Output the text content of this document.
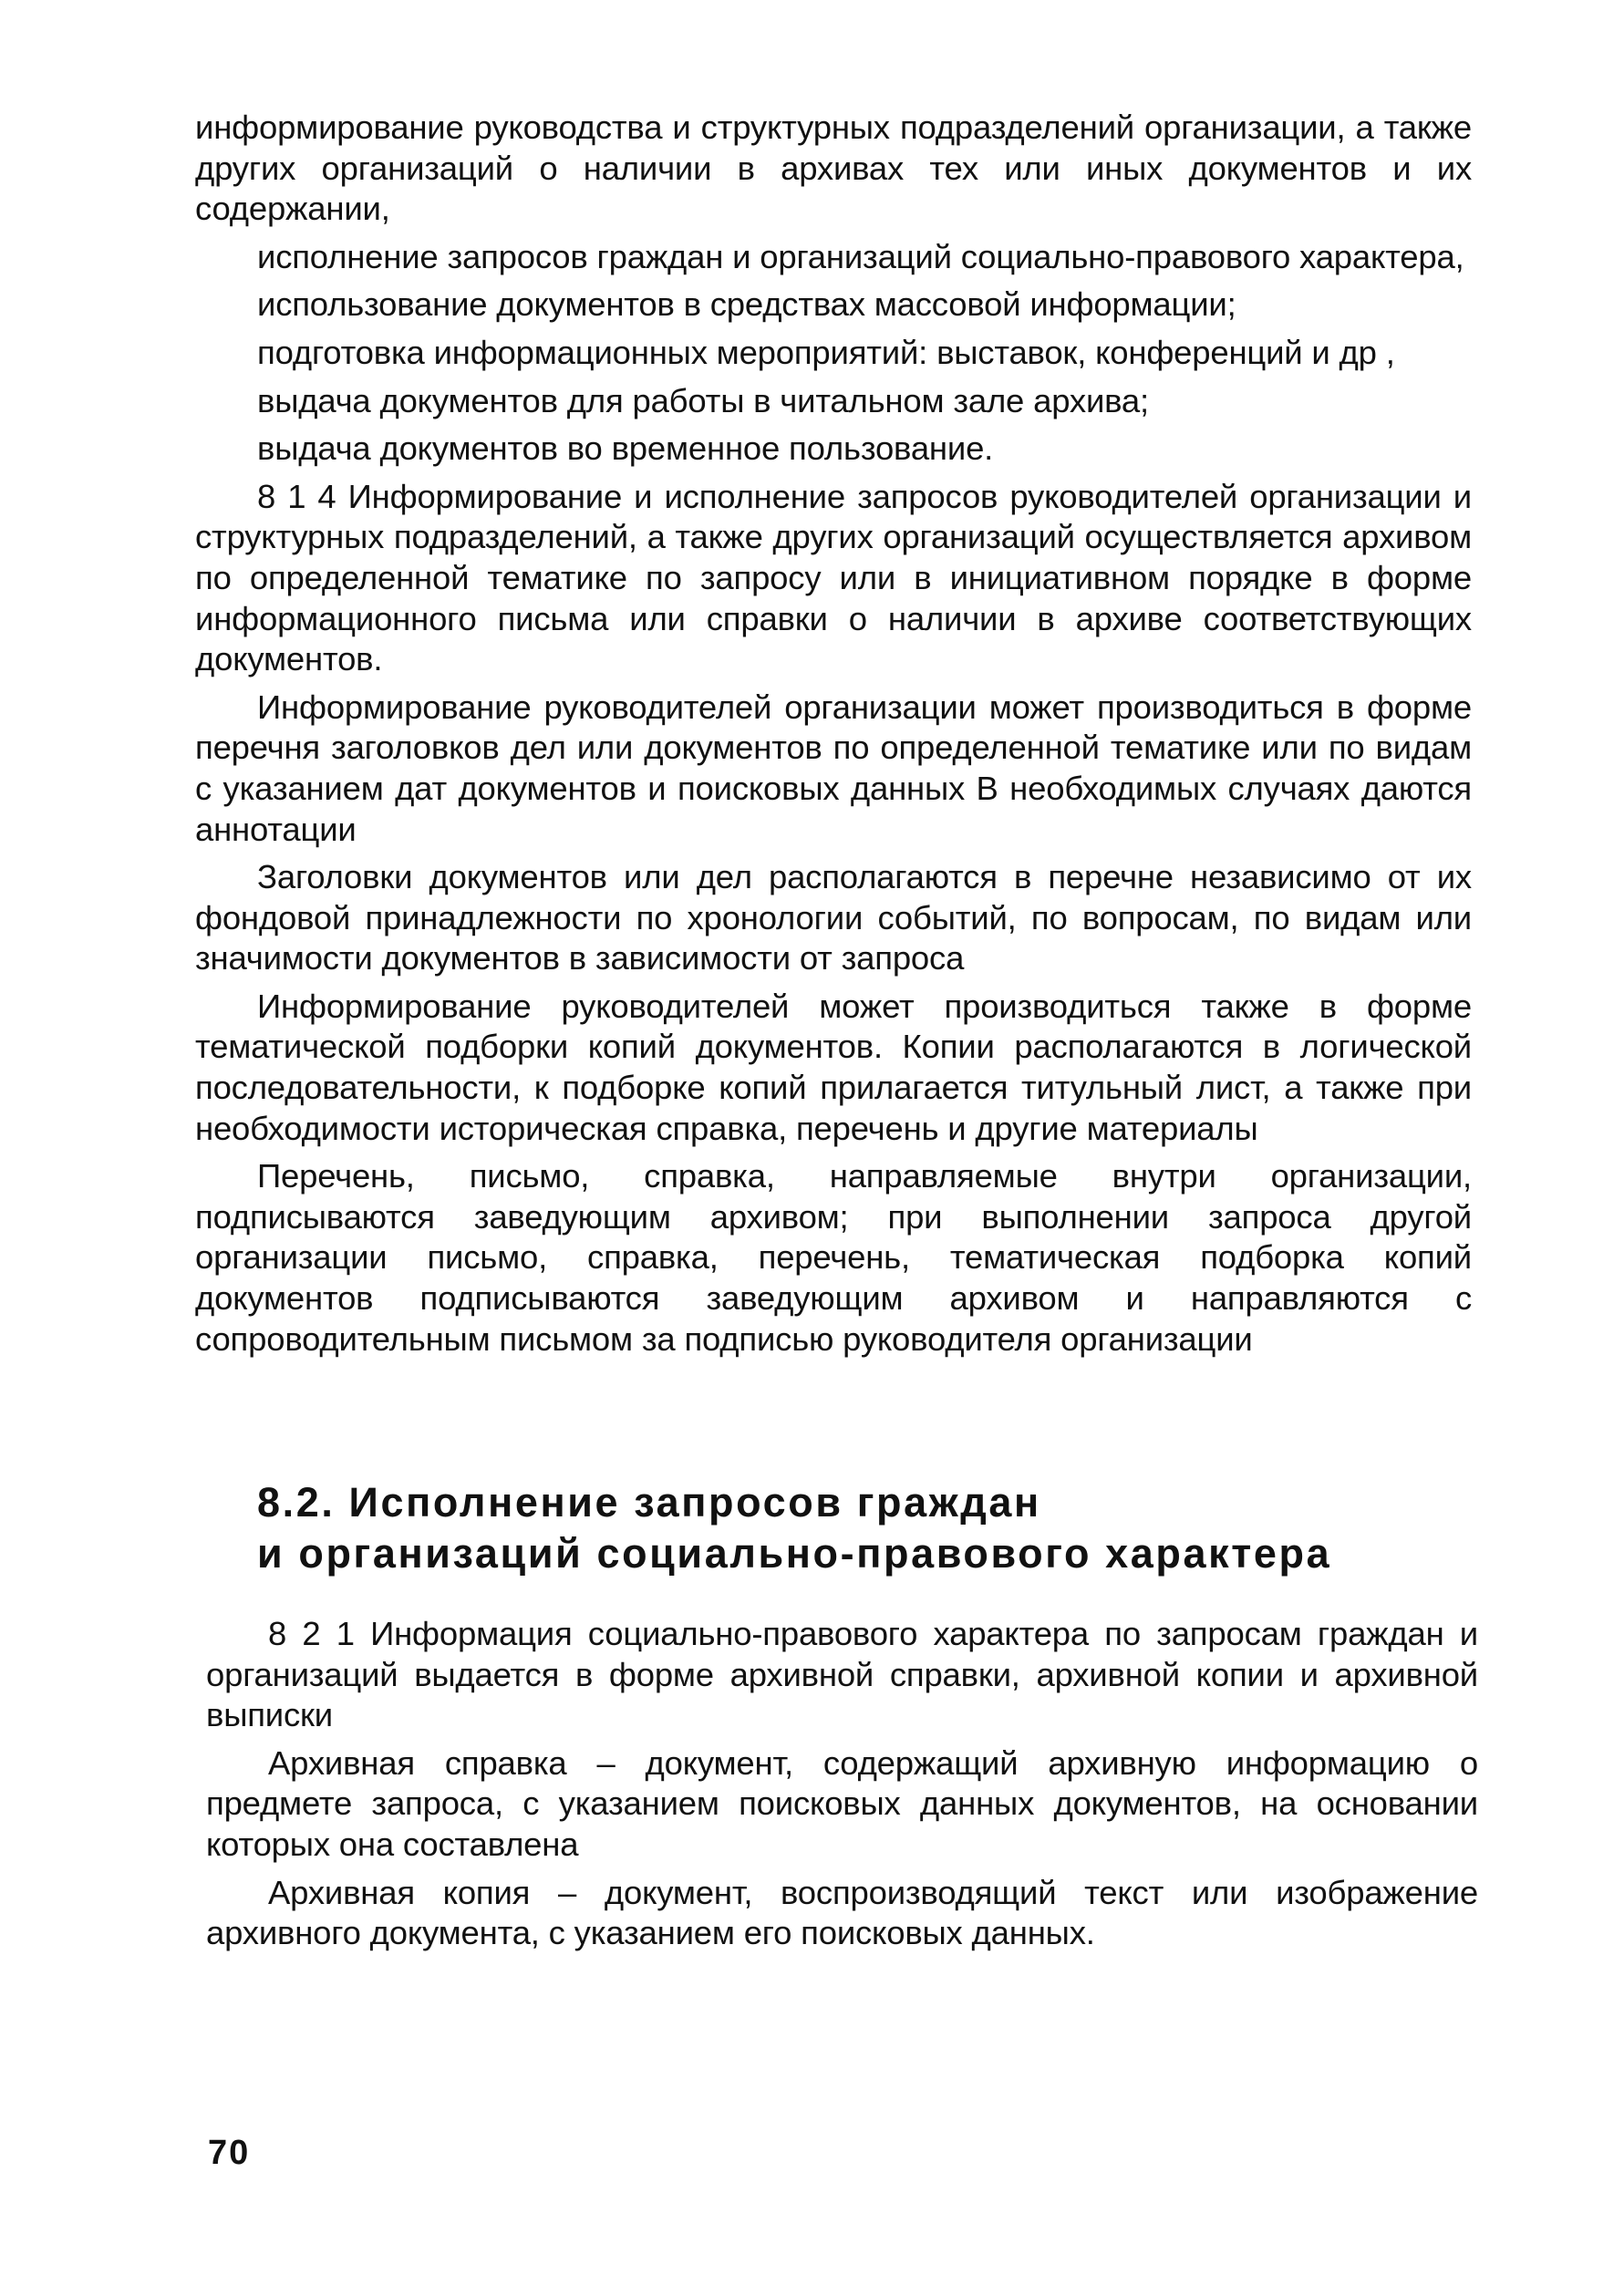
информирование руководства и структурных подразделений организации, а также других организаций о наличии в архивах тех или иных документов и их содержании,

исполнение запросов граждан и организаций социально-правового характера,

использование документов в средствах массовой информации;

подготовка информационных мероприятий: выставок, конференций и др ,

выдача документов для работы в читальном зале архива;

выдача документов во временное пользование.

8 1 4 Информирование и исполнение запросов руководителей организации и структурных подразделений, а также других организаций осуществляется архивом по определенной тематике по запросу или в инициативном порядке в форме информационного письма или справки о наличии в архиве соответствующих документов.

Информирование руководителей организации может производиться в форме перечня заголовков дел или документов по определенной тематике или по видам с указанием дат документов и поисковых данных В необходимых случаях даются аннотации

Заголовки документов или дел располагаются в перечне независимо от их фондовой принадлежности по хронологии событий, по вопросам, по видам или значимости документов в зависимости от запроса

Информирование руководителей может производиться также в форме тематической подборки копий документов. Копии располагаются в логической последовательности, к подборке копий прилагается титульный лист, а также при необходимости историческая справка, перечень и другие материалы

Перечень, письмо, справка, направляемые внутри организации, подписываются заведующим архивом; при выполнении запроса другой организации письмо, справка, перечень, тематическая подборка копий документов подписываются заведующим архивом и направляются с сопроводительным письмом за подписью руководителя организации

8.2. Исполнение запросов граждан
и организаций социально-правового характера

8 2 1 Информация социально-правового характера по запросам граждан и организаций выдается в форме архивной справки, архивной копии и архивной выписки

Архивная справка – документ, содержащий архивную информацию о предмете запроса, с указанием поисковых данных документов, на основании которых она составлена

Архивная копия – документ, воспроизводящий текст или изображение архивного документа, с указанием его поисковых данных.

70
